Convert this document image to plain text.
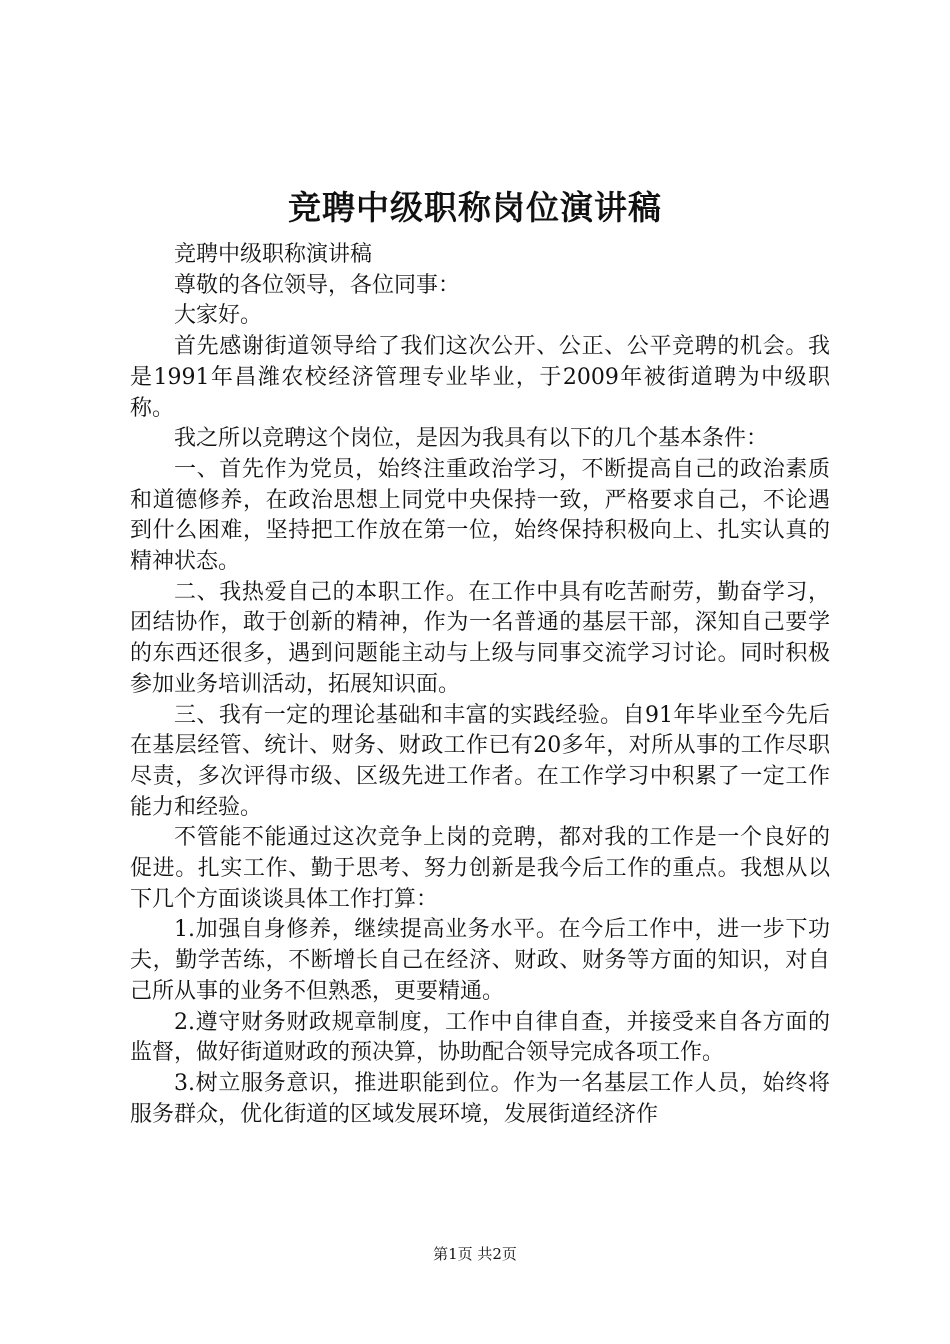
竞聘中级职称岗位演讲稿

竞聘中级职称演讲稿

尊敬的各位领导，各位同事：

大家好。

首先感谢街道领导给了我们这次公开、公正、公平竞聘的机会。我是1991年昌潍农校经济管理专业毕业，于2009年被街道聘为中级职称。

我之所以竞聘这个岗位，是因为我具有以下的几个基本条件：

一、首先作为党员，始终注重政治学习，不断提高自己的政治素质和道德修养，在政治思想上同党中央保持一致，严格要求自己，不论遇到什么困难，坚持把工作放在第一位，始终保持积极向上、扎实认真的精神状态。

二、我热爱自己的本职工作。在工作中具有吃苦耐劳，勤奋学习，团结协作，敢于创新的精神，作为一名普通的基层干部，深知自己要学的东西还很多，遇到问题能主动与上级与同事交流学习讨论。同时积极参加业务培训活动，拓展知识面。

三、我有一定的理论基础和丰富的实践经验。自91年毕业至今先后在基层经管、统计、财务、财政工作已有20多年，对所从事的工作尽职尽责，多次评得市级、区级先进工作者。在工作学习中积累了一定工作能力和经验。

不管能不能通过这次竞争上岗的竞聘，都对我的工作是一个良好的促进。扎实工作、勤于思考、努力创新是我今后工作的重点。我想从以下几个方面谈谈具体工作打算：

1.加强自身修养，继续提高业务水平。在今后工作中，进一步下功夫，勤学苦练，不断增长自己在经济、财政、财务等方面的知识，对自己所从事的业务不但熟悉，更要精通。

2.遵守财务财政规章制度，工作中自律自查，并接受来自各方面的监督，做好街道财政的预决算，协助配合领导完成各项工作。

3.树立服务意识，推进职能到位。作为一名基层工作人员，始终将服务群众，优化街道的区域发展环境，发展街道经济作

第1页 共2页
